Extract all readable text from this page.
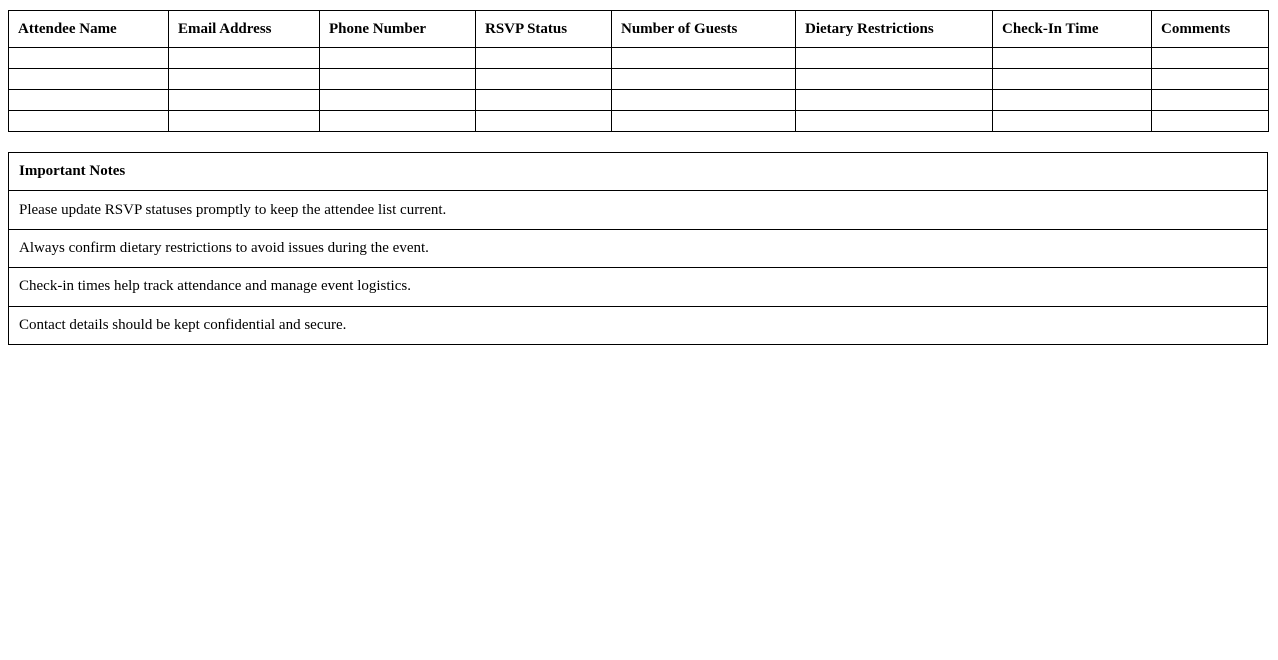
Attendee Name	Email Address	Phone Number	RSVP Status	Number of Guests	Dietary Restrictions	Check-In Time	Comments

Important Notes
Please update RSVP statuses promptly to keep the attendee list current.
Always confirm dietary restrictions to avoid issues during the event.
Check-in times help track attendance and manage event logistics.
Contact details should be kept confidential and secure.
